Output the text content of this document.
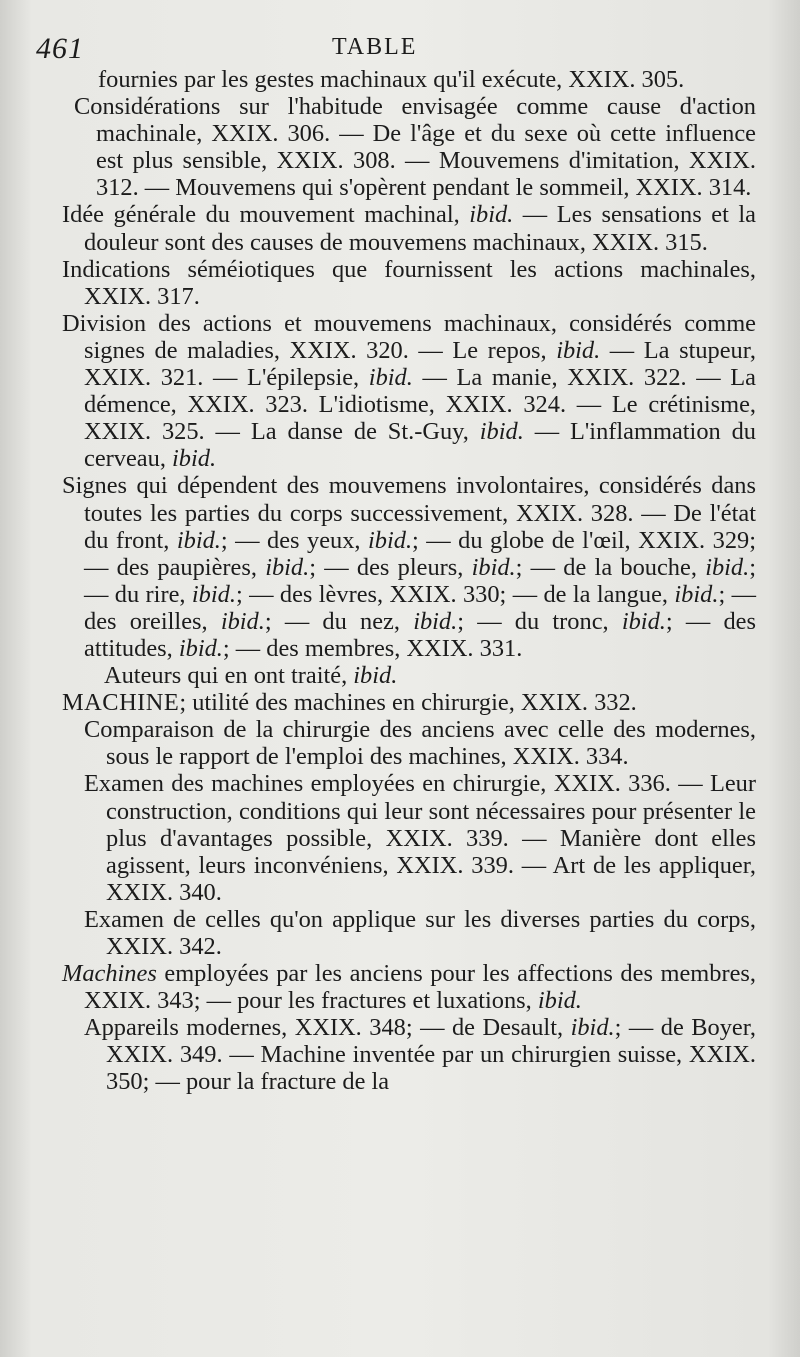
461	TABLE

fournies par les gestes machinaux qu'il exécute, XXIX. 305.

Considérations sur l'habitude envisagée comme cause d'action machinale, XXIX. 306. — De l'âge et du sexe où cette influence est plus sensible, XXIX. 308. — Mouvemens d'imitation, XXIX. 312. — Mouvemens qui s'opèrent pendant le sommeil, XXIX. 314.

Idée générale du mouvement machinal, ibid. — Les sensations et la douleur sont des causes de mouvemens machinaux, XXIX. 315.

Indications séméiotiques que fournissent les actions machinales, XXIX. 317.

Division des actions et mouvemens machinaux, considérés comme signes de maladies, XXIX. 320. — Le repos, ibid. — La stupeur, XXIX. 321. — L'épilepsie, ibid. — La manie, XXIX. 322. — La démence, XXIX. 323. L'idiotisme, XXIX. 324. — Le crétinisme, XXIX. 325. — La danse de St.-Guy, ibid. — L'inflammation du cerveau, ibid.

Signes qui dépendent des mouvemens involontaires, considérés dans toutes les parties du corps successivement, XXIX. 328. — De l'état du front, ibid.; — des yeux, ibid.; — du globe de l'œil, XXIX. 329; — des paupières, ibid.; — des pleurs, ibid.; — de la bouche, ibid.; — du rire, ibid.; — des lèvres, XXIX. 330; — de la langue, ibid.; — des oreilles, ibid.; — du nez, ibid.; — du tronc, ibid.; — des attitudes, ibid.; — des membres, XXIX. 331.

Auteurs qui en ont traité, ibid.

MACHINE; utilité des machines en chirurgie, XXIX. 332.

Comparaison de la chirurgie des anciens avec celle des modernes, sous le rapport de l'emploi des machines, XXIX. 334.

Examen des machines employées en chirurgie, XXIX. 336. — Leur construction, conditions qui leur sont nécessaires pour présenter le plus d'avantages possible, XXIX. 339. — Manière dont elles agissent, leurs inconvéniens, XXIX. 339. — Art de les appliquer, XXIX. 340.

Examen de celles qu'on applique sur les diverses parties du corps, XXIX. 342.

Machines employées par les anciens pour les affections des membres, XXIX. 343; — pour les fractures et luxations, ibid.

Appareils modernes, XXIX. 348; — de Desault, ibid.; — de Boyer, XXIX. 349. — Machine inventée par un chirurgien suisse, XXIX. 350; — pour la fracture de la
